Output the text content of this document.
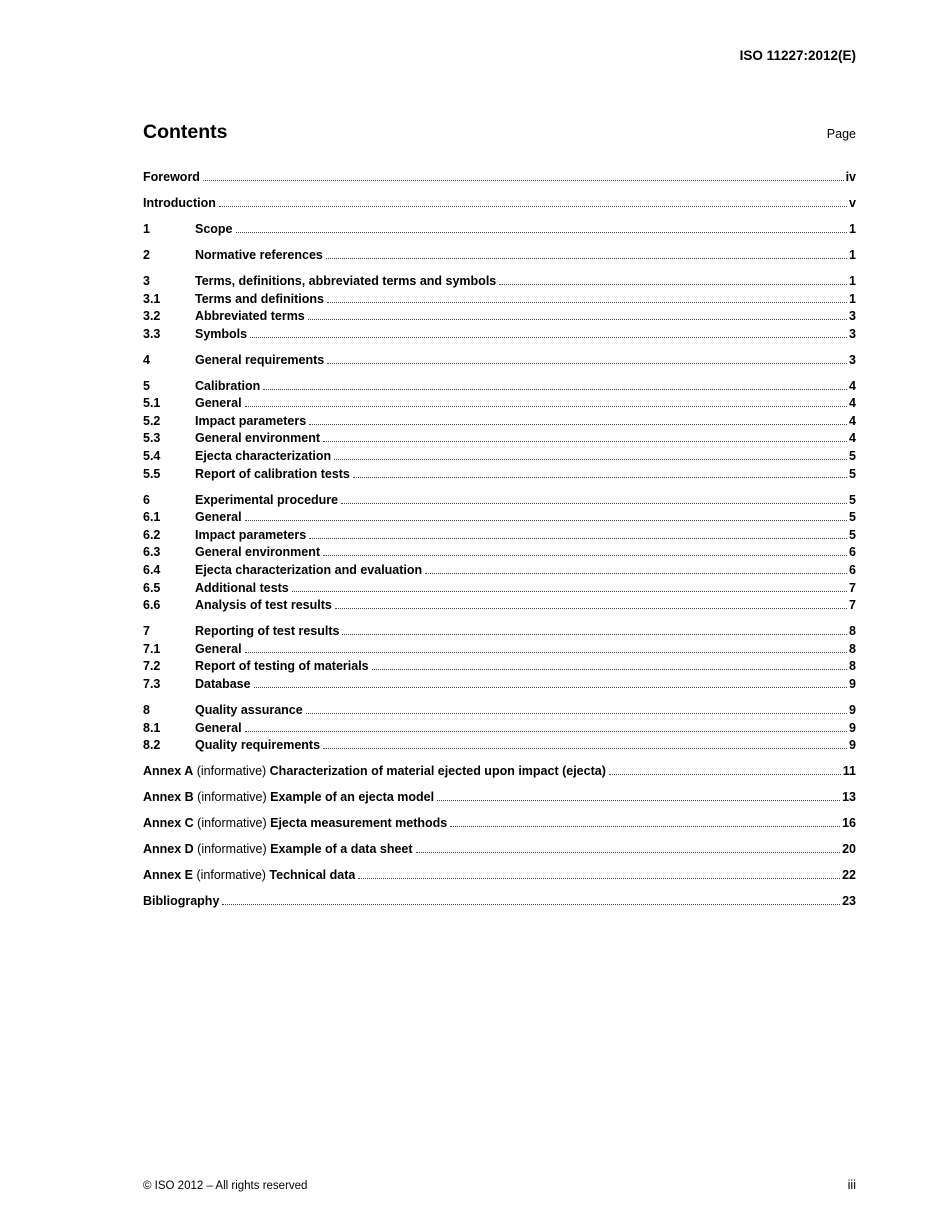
ISO 11227:2012(E)
Contents	Page
Foreword	iv
Introduction	v
1	Scope	1
2	Normative references	1
3	Terms, definitions, abbreviated terms and symbols	1
3.1	Terms and definitions	1
3.2	Abbreviated terms	3
3.3	Symbols	3
4	General requirements	3
5	Calibration	4
5.1	General	4
5.2	Impact parameters	4
5.3	General environment	4
5.4	Ejecta characterization	5
5.5	Report of calibration tests	5
6	Experimental procedure	5
6.1	General	5
6.2	Impact parameters	5
6.3	General environment	6
6.4	Ejecta characterization and evaluation	6
6.5	Additional tests	7
6.6	Analysis of test results	7
7	Reporting of test results	8
7.1	General	8
7.2	Report of testing of materials	8
7.3	Database	9
8	Quality assurance	9
8.1	General	9
8.2	Quality requirements	9
Annex A (informative) Characterization of material ejected upon impact (ejecta)	11
Annex B (informative) Example of an ejecta model	13
Annex C (informative) Ejecta measurement methods	16
Annex D (informative) Example of a data sheet	20
Annex E (informative) Technical data	22
Bibliography	23
© ISO 2012 – All rights reserved	iii
